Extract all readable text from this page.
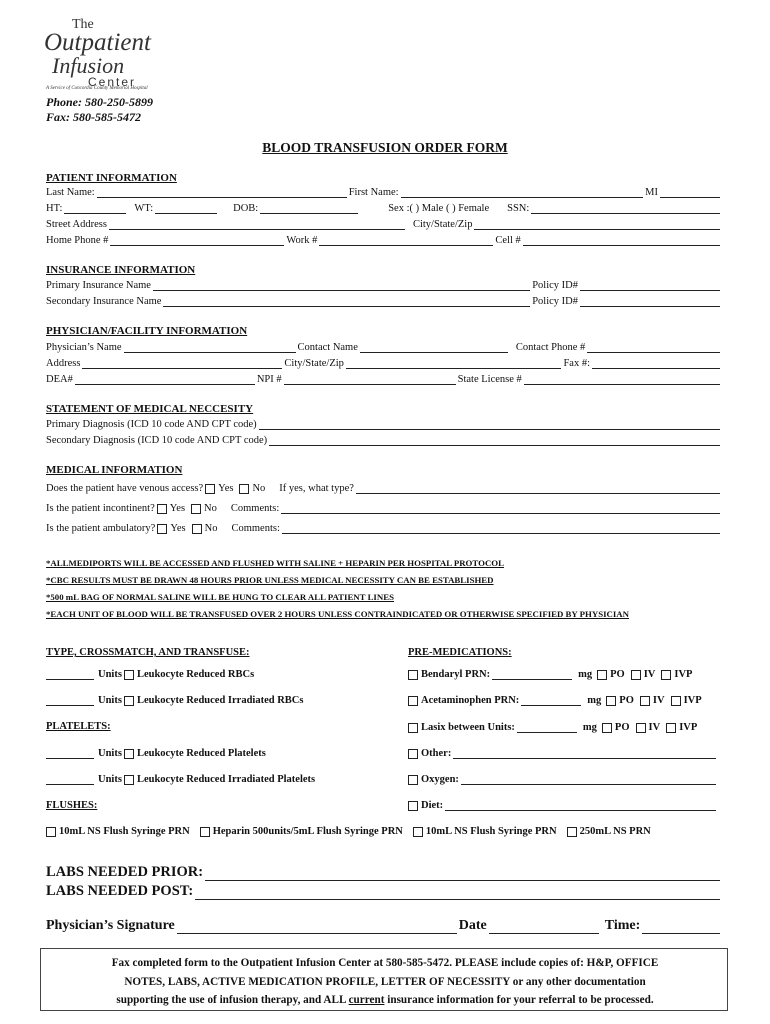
The
Outpatient
Infusion
Center
A Service of Concordia County Memorial Hospital
Phone: 580-250-5899
Fax: 580-585-5472
BLOOD TRANSFUSION ORDER FORM
PATIENT INFORMATION
Last Name:	First Name:	MI
HT:	WT:	DOB:	Sex :( ) Male ( ) Female SSN:
Street Address	City/State/Zip
Home Phone #	Work #	Cell #
INSURANCE INFORMATION
Primary Insurance Name	Policy ID#
Secondary Insurance Name	Policy ID#
PHYSICIAN/FACILITY INFORMATION
Physician’s Name	Contact Name	Contact Phone #
Address	City/State/Zip	Fax #:
DEA#	NPI #	State License #
STATEMENT OF MEDICAL NECCESITY
Primary Diagnosis (ICD 10 code AND CPT code)
Secondary Diagnosis (ICD 10 code AND CPT code)
MEDICAL INFORMATION
Does the patient have venous access? Yes No If yes, what type?
Is the patient incontinent? Yes No Comments:
Is the patient ambulatory? Yes No Comments:
*ALLMEDIPORTS WILL BE ACCESSED AND FLUSHED WITH SALINE + HEPARIN PER HOSPITAL PROTOCOL
*CBC RESULTS MUST BE DRAWN 48 HOURS PRIOR UNLESS MEDICAL NECESSITY CAN BE ESTABLISHED
*500 mL BAG OF NORMAL SALINE WILL BE HUNG TO CLEAR ALL PATIENT LINES
*EACH UNIT OF BLOOD WILL BE TRANSFUSED OVER 2 HOURS UNLESS CONTRAINDICATED OR OTHERWISE SPECIFIED BY PHYSICIAN
TYPE, CROSSMATCH, AND TRANSFUSE:
Units Leukocyte Reduced RBCs
Units Leukocyte Reduced Irradiated RBCs
PLATELETS:
Units Leukocyte Reduced Platelets
Units Leukocyte Reduced Irradiated Platelets
FLUSHES:
PRE-MEDICATIONS:
Bendaryl PRN:	mg PO IV IVP
Acetaminophen PRN:	mg PO IV IVP
Lasix between Units:	mg PO IV IVP
Other:
Oxygen:
Diet:
10mL NS Flush Syringe PRN Heparin 500units/5mL Flush Syringe PRN 10mL NS Flush Syringe PRN 250mL NS PRN
LABS NEEDED PRIOR:
LABS NEEDED POST:
Physician’s Signature	Date	Time:
Fax completed form to the Outpatient Infusion Center at 580-585-5472. PLEASE include copies of: H&P, OFFICE
NOTES, LABS, ACTIVE MEDICATION PROFILE, LETTER OF NECESSITY or any other documentation
supporting the use of infusion therapy, and ALL current insurance information for your referral to be processed.
